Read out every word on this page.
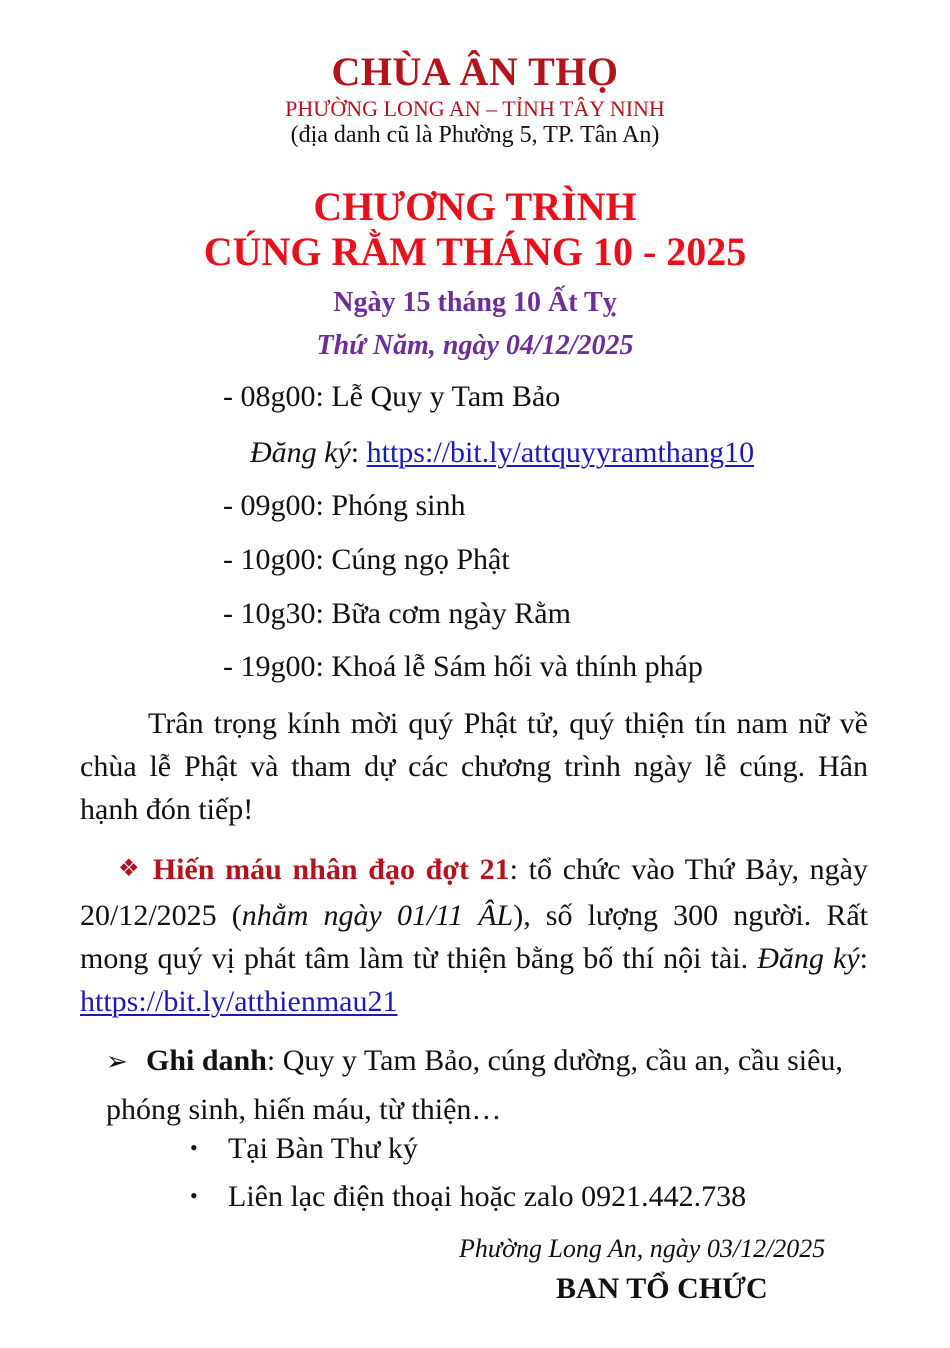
CHÙA ÂN THỌ
PHƯỜNG LONG AN – TỈNH TÂY NINH
(địa danh cũ là Phường 5, TP. Tân An)
CHƯƠNG TRÌNH
CÚNG RẰM THÁNG 10 - 2025
Ngày 15 tháng 10 Ất Tỵ
Thứ Năm, ngày 04/12/2025
- 08g00: Lễ Quy y Tam Bảo
Đăng ký: https://bit.ly/attquyyramthang10
- 09g00: Phóng sinh
- 10g00: Cúng ngọ Phật
- 10g30: Bữa cơm ngày Rằm
- 19g00: Khoá lễ Sám hối và thính pháp
Trân trọng kính mời quý Phật tử, quý thiện tín nam nữ về chùa lễ Phật và tham dự các chương trình ngày lễ cúng. Hân hạnh đón tiếp!
❖ Hiến máu nhân đạo đợt 21: tổ chức vào Thứ Bảy, ngày 20/12/2025 (nhằm ngày 01/11 ÂL), số lượng 300 người. Rất mong quý vị phát tâm làm từ thiện bằng bố thí nội tài. Đăng ký: https://bit.ly/atthienmau21
➢ Ghi danh: Quy y Tam Bảo, cúng dường, cầu an, cầu siêu, phóng sinh, hiến máu, từ thiện…
• Tại Bàn Thư ký
• Liên lạc điện thoại hoặc zalo 0921.442.738
Phường Long An, ngày 03/12/2025
BAN TỔ CHỨC
